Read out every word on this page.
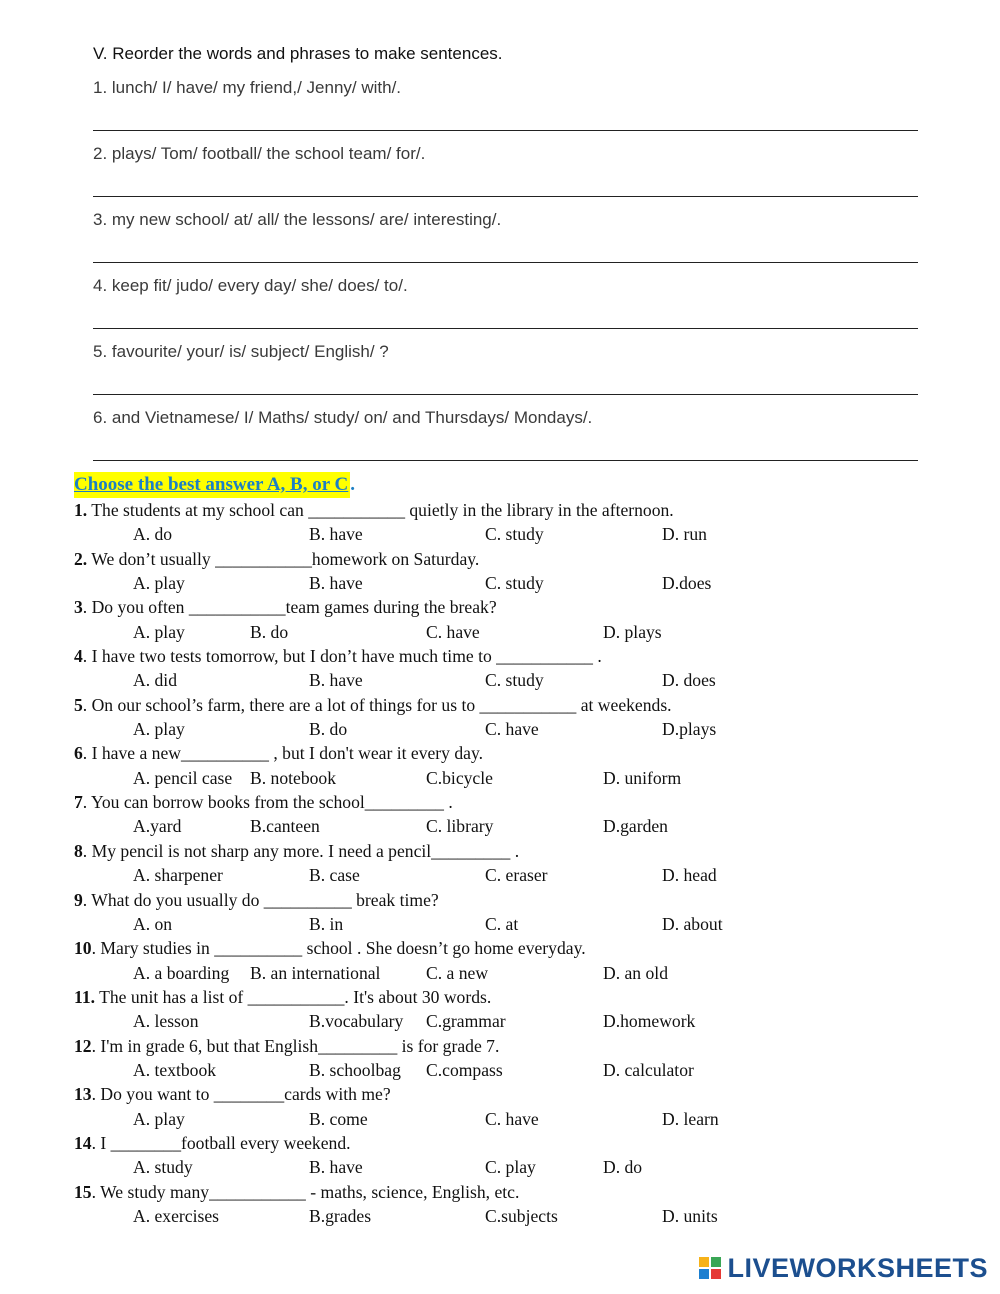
V. Reorder the words and phrases to make sentences.
1. lunch/ I/ have/ my friend,/ Jenny/ with/.
2. plays/ Tom/ football/ the school team/ for/.
3. my new school/ at/ all/ the lessons/ are/ interesting/.
4. keep fit/ judo/ every day/ she/ does/ to/.
5. favourite/ your/ is/ subject/ English/ ?
6. and Vietnamese/ I/ Maths/ study/ on/ and Thursdays/ Mondays/.
Choose the best answer A, B, or C .
1. The students at my school can ___________ quietly in the library in the afternoon.
A. do	B. have	C. study	D. run
2. We don’t usually ___________homework on Saturday.
A. play	B. have	C. study	D.does
3. Do you often ___________team games during the break?
A. play	B. do	C. have	D. plays
4. I have two tests tomorrow, but I don’t have much time to ___________ .
A. did	B. have	C. study	D. does
5. On our school’s farm, there are a lot of things for us to ___________ at weekends.
A. play	B. do	C. have	D.plays
6. I have a new__________ , but I don't wear it every day.
A. pencil case B. notebook	C.bicycle	D. uniform
7. You can borrow books from the school_________ .
A.yard	B.canteen	C. library	D.garden
8. My pencil is not sharp any more. I need a pencil_________ .
A. sharpener	B. case	C. eraser	D. head
9. What do you usually do __________ break time?
A. on	B. in	C. at	D. about
10. Mary studies in __________ school . She doesn’t go home everyday.
A. a boarding B. an international	C. a new	D. an old
11. The unit has a list of ___________. It's about 30 words.
A. lesson	B.vocabulary C.grammar	D.homework
12. I'm in grade 6, but that English_________ is for grade 7.
A. textbook	B. schoolbag C.compass	D. calculator
13. Do you want to ________cards with me?
A. play	B. come	C. have	D. learn
14. I ________football every weekend.
A. study	B. have	C. play	D. do
15. We study many___________ - maths, science, English, etc.
A. exercises	B.grades	C.subjects	D. units
LIVEWORKSHEETS
